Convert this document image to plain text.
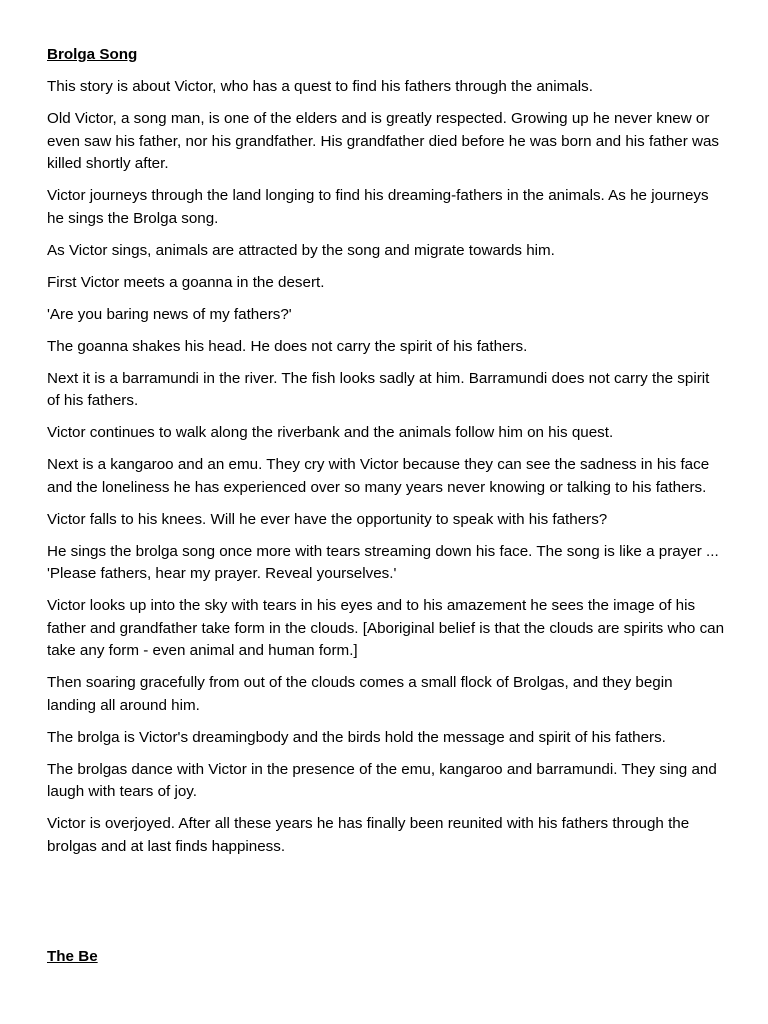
Brolga Song

This story is about Victor, who has a quest to find his fathers through the animals.

Old Victor, a song man, is one of the elders and is greatly respected. Growing up he never knew or even saw his father, nor his grandfather. His grandfather died before he was born and his father was killed shortly after.

Victor journeys through the land longing to find his dreaming-fathers in the animals. As he journeys he sings the Brolga song.

As Victor sings, animals are attracted by the song and migrate towards him.

First Victor meets a goanna in the desert.

'Are you baring news of my fathers?'

The goanna shakes his head. He does not carry the spirit of his fathers.

Next it is a barramundi in the river. The fish looks sadly at him. Barramundi does not carry the spirit of his fathers.

Victor continues to walk along the riverbank and the animals follow him on his quest.

Next is a kangaroo and an emu. They cry with Victor because they can see the sadness in his face and the loneliness he has experienced over so many years never knowing or talking to his fathers.

Victor falls to his knees. Will he ever have the opportunity to speak with his fathers?

He sings the brolga song once more with tears streaming down his face. The song is like a prayer ... 'Please fathers, hear my prayer. Reveal yourselves.'

Victor looks up into the sky with tears in his eyes and to his amazement he sees the image of his father and grandfather take form in the clouds. [Aboriginal belief is that the clouds are spirits who can take any form - even animal and human form.]

Then soaring gracefully from out of the clouds comes a small flock of Brolgas, and they begin landing all around him.

The brolga is Victor's dreamingbody and the birds hold the message and spirit of his fathers.

The brolgas dance with Victor in the presence of the emu, kangaroo and barramundi. They sing and laugh with tears of joy.

Victor is overjoyed. After all these years he has finally been reunited with his fathers through the brolgas and at last finds happiness.

The Be
